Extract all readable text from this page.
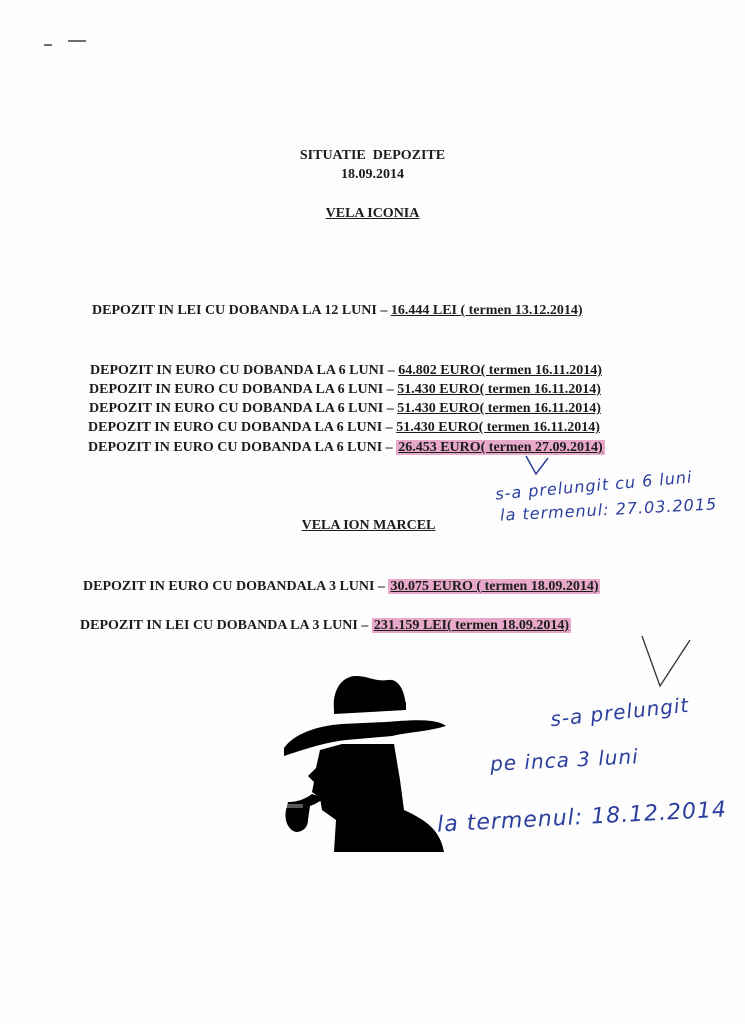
SITUATIE  DEPOZITE
18.09.2014
VELA ICONIA
DEPOZIT IN LEI CU DOBANDA LA 12 LUNI – 16.444 LEI ( termen 13.12.2014)
DEPOZIT IN EURO CU DOBANDA LA 6 LUNI – 64.802 EURO( termen 16.11.2014)
DEPOZIT IN EURO CU DOBANDA LA 6 LUNI – 51.430 EURO( termen 16.11.2014)
DEPOZIT IN EURO CU DOBANDA LA 6 LUNI – 51.430 EURO( termen 16.11.2014)
DEPOZIT IN EURO CU DOBANDA LA 6 LUNI – 51.430 EURO( termen 16.11.2014)
DEPOZIT IN EURO CU DOBANDA LA 6 LUNI – 26.453 EURO( termen 27.09.2014)
s-a prelungit cu 6 luni
la termenul: 27.03.2015
VELA ION MARCEL
DEPOZIT IN EURO CU DOBANDALA 3 LUNI – 30.075 EURO ( termen 18.09.2014)
DEPOZIT IN LEI CU DOBANDA LA 3 LUNI – 231.159 LEI( termen 18.09.2014)
s-a prelungit
pe inca 3 luni
la termenul: 18.12.2014
